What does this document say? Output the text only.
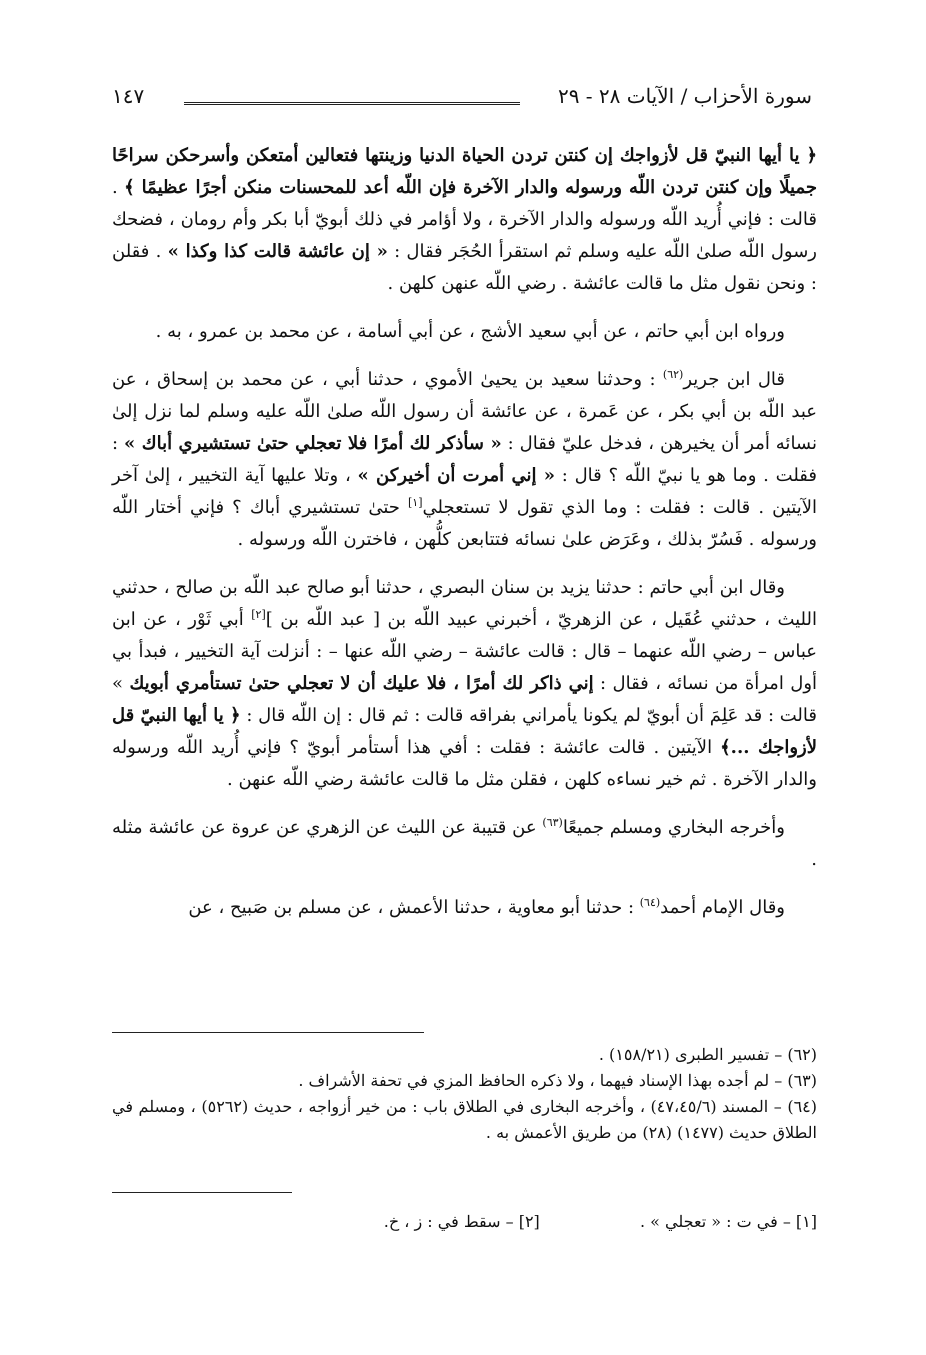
سورة الأحزاب / الآيات ٢٨ - ٢٩
١٤٧

﴿ يا أيها النبيّ قل لأزواجك إن كنتن تردن الحياة الدنيا وزينتها فتعالين أمتعكن وأسرحكن سراحًا جميلًا وإن كنتن تردن اللّه ورسوله والدار الآخرة فإن اللّه أعد للمحسنات منكن أجرًا عظيمًا ﴾ . قالت : فإني أُريد اللّه ورسوله والدار الآخرة ، ولا أؤامر في ذلك أبويّ أبا بكر وأم رومان ، فضحك رسول اللّه صلىٰ اللّه عليه وسلم ثم استقرأ الحُجَر فقال : « إن عائشة قالت كذا وكذا » . فقلن : ونحن نقول مثل ما قالت عائشة . رضي اللّه عنهن كلهن .

ورواه ابن أبي حاتم ، عن أبي سعيد الأشج ، عن أبي أسامة ، عن محمد بن عمرو ، به .

قال ابن جرير$^{(٦٢)}$ : وحدثنا سعيد بن يحيىٰ الأموي ، حدثنا أبي ، عن محمد بن إسحاق ، عن عبد اللّه بن أبي بكر ، عن عَمرة ، عن عائشة أن رسول اللّه صلىٰ اللّه عليه وسلم لما نزل إلىٰ نسائه أمر أن يخيرهن ، فدخل عليّ فقال : « سأذكر لك أمرًا فلا تعجلي حتىٰ تستشيري أباك » : فقلت . وما هو يا نبيّ اللّه ؟ قال : « إني أمرت أن أخيركن » ، وتلا عليها آية التخيير ، إلىٰ آخر الآيتين . قالت : فقلت : وما الذي تقول لا تستعجلي[١] حتىٰ تستشيري أباك ؟ فإني أختار اللّه ورسوله . فَسُرّ بذلك ، وعَرَض علىٰ نسائه فتتابعن كلُّهن ، فاخترن اللّه ورسوله .

وقال ابن أبي حاتم : حدثنا يزيد بن سنان البصري ، حدثنا أبو صالح عبد اللّه بن صالح ، حدثني الليث ، حدثني عُقَيل ، عن الزهريّ ، أخبرني عبيد اللّه بن [ عبد اللّه بن ][٢] أبي ثَوْر ، عن ابن عباس – رضي اللّه عنهما – قال : قالت عائشة – رضي اللّه عنها – : أنزلت آية التخيير ، فبدأ بي أول امرأة من نسائه ، فقال : إني ذاكر لك أمرًا ، فلا عليك أن لا تعجلي حتىٰ تستأمري أبويك » قالت : قد عَلِمَ أن أبويّ لم يكونا يأمراني بفراقه قالت : ثم قال : إن اللّه قال : ﴿ يا أيها النبيّ قل لأزواجك ...﴾ الآيتين . قالت عائشة : فقلت : أفي هذا أستأمر أبويّ ؟ فإني أُريد اللّه ورسوله والدار الآخرة . ثم خير نساءه كلهن ، فقلن مثل ما قالت عائشة رضي اللّه عنهن .

وأخرجه البخاري ومسلم جميعًا$^{(٦٣)}$ عن قتيبة عن الليث عن الزهري عن عروة عن عائشة مثله .

وقال الإمام أحمد$^{(٦٤)}$ : حدثنا أبو معاوية ، حدثنا الأعمش ، عن مسلم بن صَبيح ، عن

(٦٢) – تفسير الطبرى (١٥٨/٢١) .
(٦٣) – لم أجده بهذا الإسناد فيهما ، ولا ذكره الحافظ المزي في تحفة الأشراف .
(٦٤) – المسند (٤٧،٤٥/٦) ، وأخرجه البخارى في الطلاق باب : من خير أزواجه ، حديث (٥٢٦٢) ، ومسلم في الطلاق حديث (١٤٧٧) (٢٨) من طريق الأعمش به .
[١] – في ت : « تعجلي » .  [٢] – سقط في : ز ، خ.
